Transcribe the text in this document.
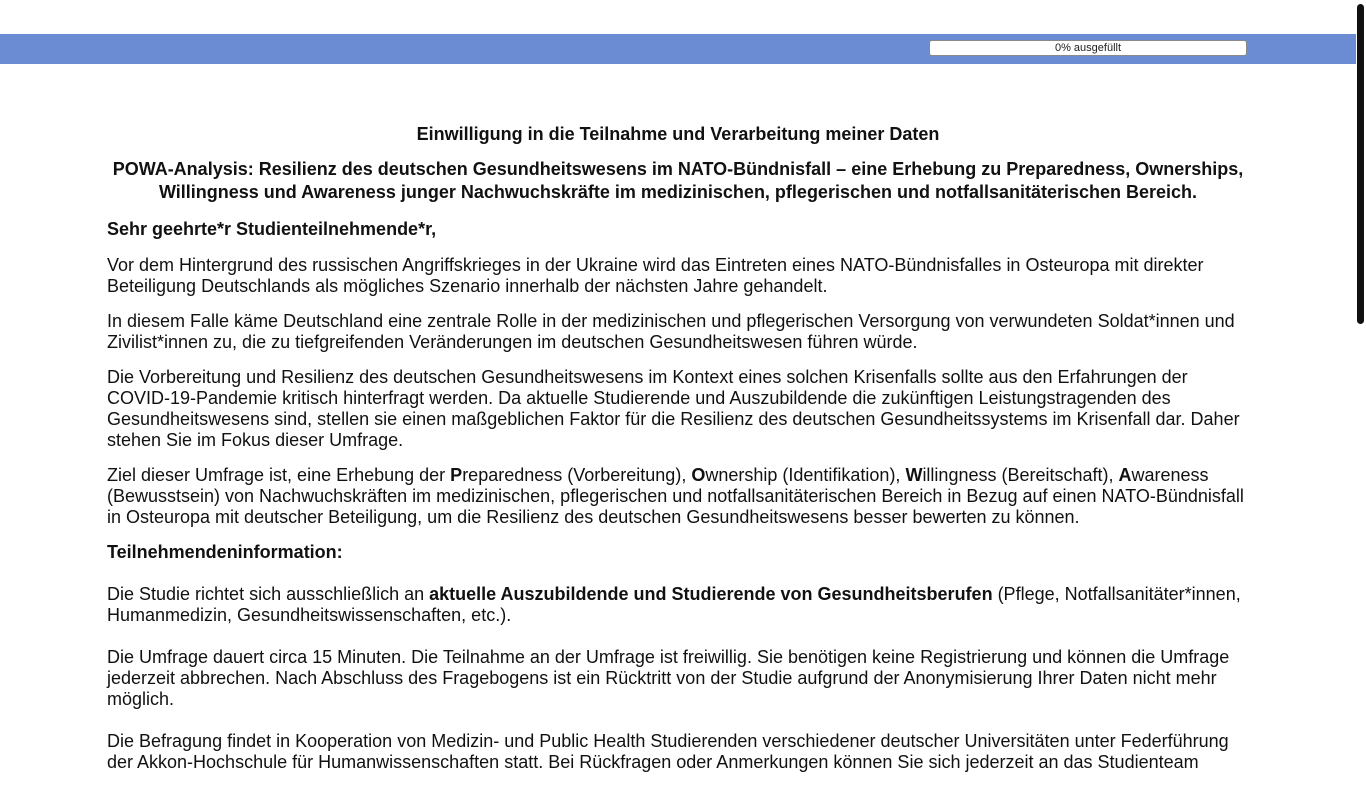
0% ausgefüllt
Einwilligung in die Teilnahme und Verarbeitung meiner Daten
POWA-Analysis: Resilienz des deutschen Gesundheitswesens im NATO-Bündnisfall – eine Erhebung zu Preparedness, Ownerships, Willingness und Awareness junger Nachwuchskräfte im medizinischen, pflegerischen und notfallsanitäterischen Bereich.

Sehr geehrte*r Studienteilnehmende*r,

Vor dem Hintergrund des russischen Angriffskrieges in der Ukraine wird das Eintreten eines NATO-Bündnisfalles in Osteuropa mit direkter Beteiligung Deutschlands als mögliches Szenario innerhalb der nächsten Jahre gehandelt.

In diesem Falle käme Deutschland eine zentrale Rolle in der medizinischen und pflegerischen Versorgung von verwundeten Soldat*innen und Zivilist*innen zu, die zu tiefgreifenden Veränderungen im deutschen Gesundheitswesen führen würde.

Die Vorbereitung und Resilienz des deutschen Gesundheitswesens im Kontext eines solchen Krisenfalls sollte aus den Erfahrungen der COVID-19-Pandemie kritisch hinterfragt werden. Da aktuelle Studierende und Auszubildende die zukünftigen Leistungstragenden des Gesundheitswesens sind, stellen sie einen maßgeblichen Faktor für die Resilienz des deutschen Gesundheitssystems im Krisenfall dar. Daher stehen Sie im Fokus dieser Umfrage.

Ziel dieser Umfrage ist, eine Erhebung der Preparedness (Vorbereitung), Ownership (Identifikation), Willingness (Bereitschaft), Awareness (Bewusstsein) von Nachwuchskräften im medizinischen, pflegerischen und notfallsanitäterischen Bereich in Bezug auf einen NATO-Bündnisfall in Osteuropa mit deutscher Beteiligung, um die Resilienz des deutschen Gesundheitswesens besser bewerten zu können.

Teilnehmendeninformation:

Die Studie richtet sich ausschließlich an aktuelle Auszubildende und Studierende von Gesundheitsberufen (Pflege, Notfallsanitäter*innen, Humanmedizin, Gesundheitswissenschaften, etc.).

Die Umfrage dauert circa 15 Minuten. Die Teilnahme an der Umfrage ist freiwillig. Sie benötigen keine Registrierung und können die Umfrage jederzeit abbrechen. Nach Abschluss des Fragebogens ist ein Rücktritt von der Studie aufgrund der Anonymisierung Ihrer Daten nicht mehr möglich.

Die Befragung findet in Kooperation von Medizin- und Public Health Studierenden verschiedener deutscher Universitäten unter Federführung der Akkon-Hochschule für Humanwissenschaften statt. Bei Rückfragen oder Anmerkungen können Sie sich jederzeit an das Studienteam
